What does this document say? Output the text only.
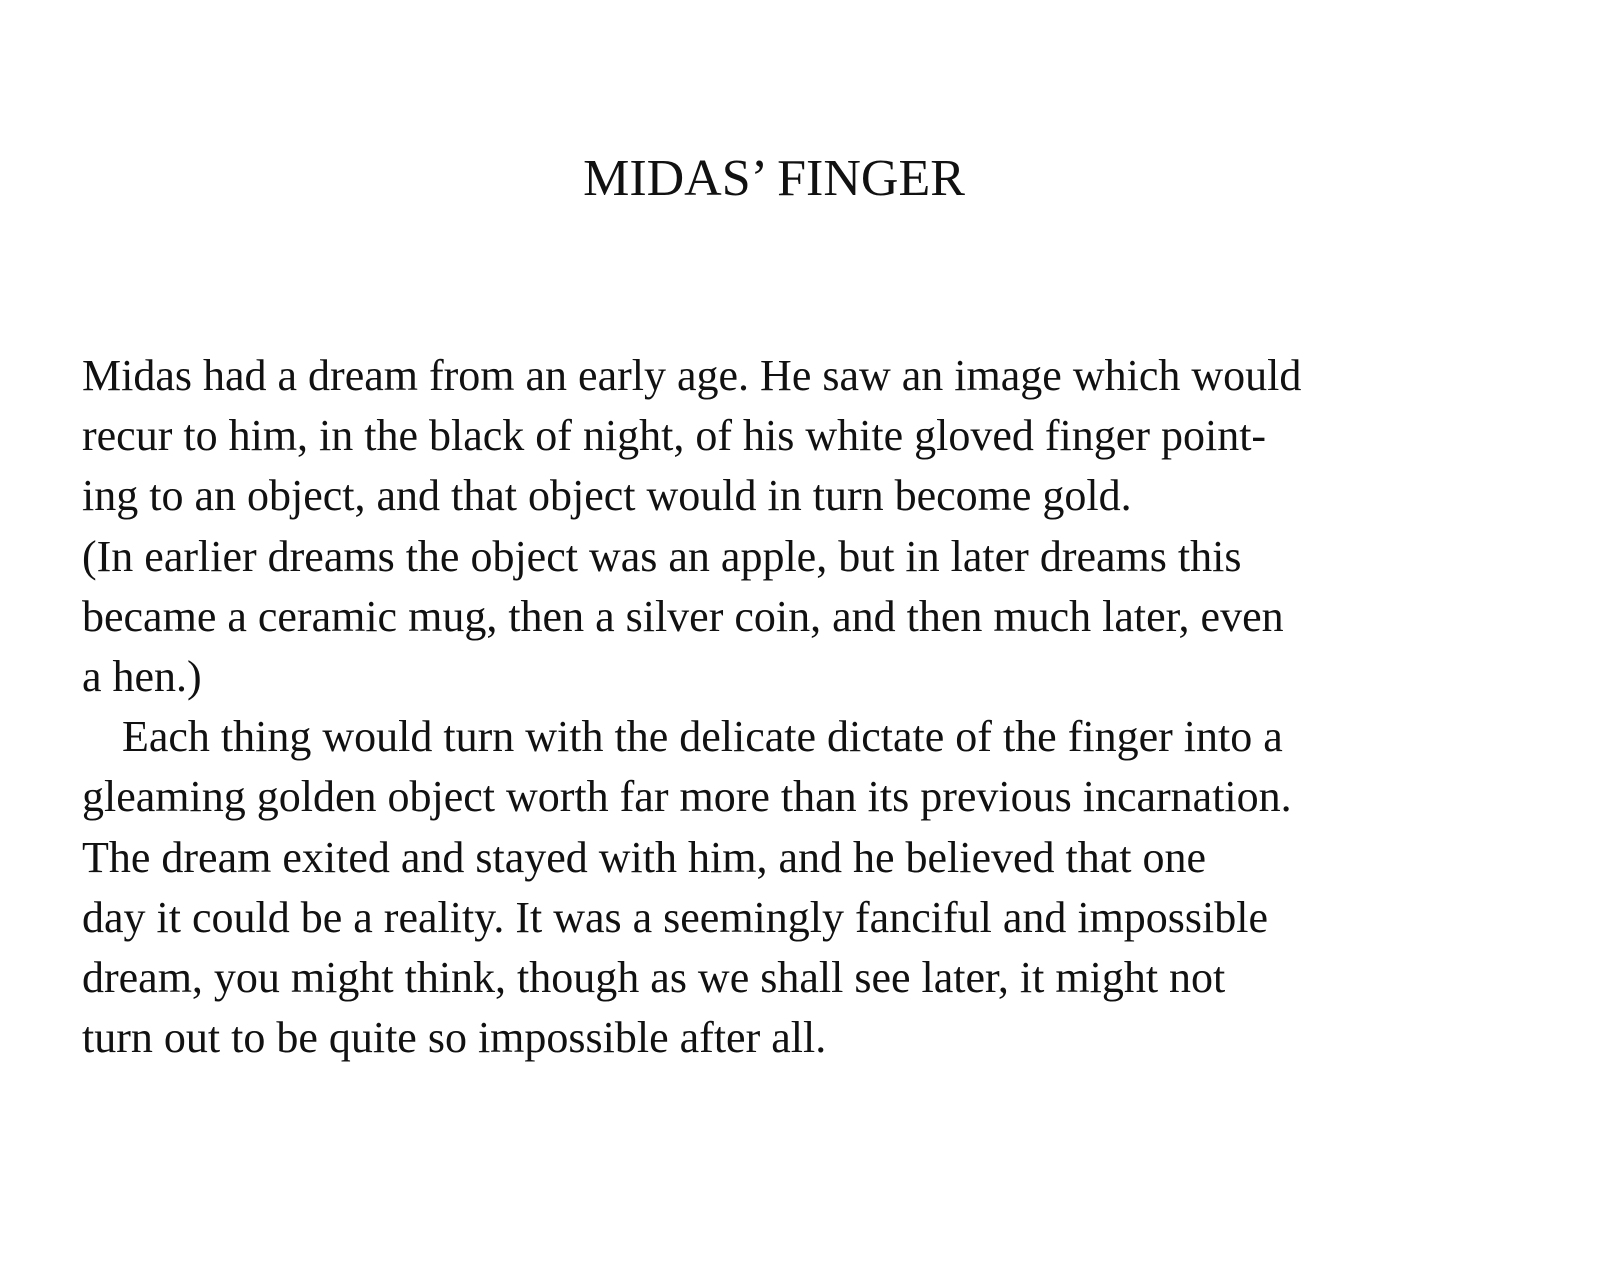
MIDAS’ FINGER
Midas had a dream from an early age. He saw an image which would
recur to him, in the black of night, of his white gloved finger point-
ing to an object, and that object would in turn become gold.
(In earlier dreams the object was an apple, but in later dreams this
became a ceramic mug, then a silver coin, and then much later, even
a hen.)
Each thing would turn with the delicate dictate of the finger into a
gleaming golden object worth far more than its previous incarnation.
The dream exited and stayed with him, and he believed that one
day it could be a reality. It was a seemingly fanciful and impossible
dream, you might think, though as we shall see later, it might not
turn out to be quite so impossible after all.
